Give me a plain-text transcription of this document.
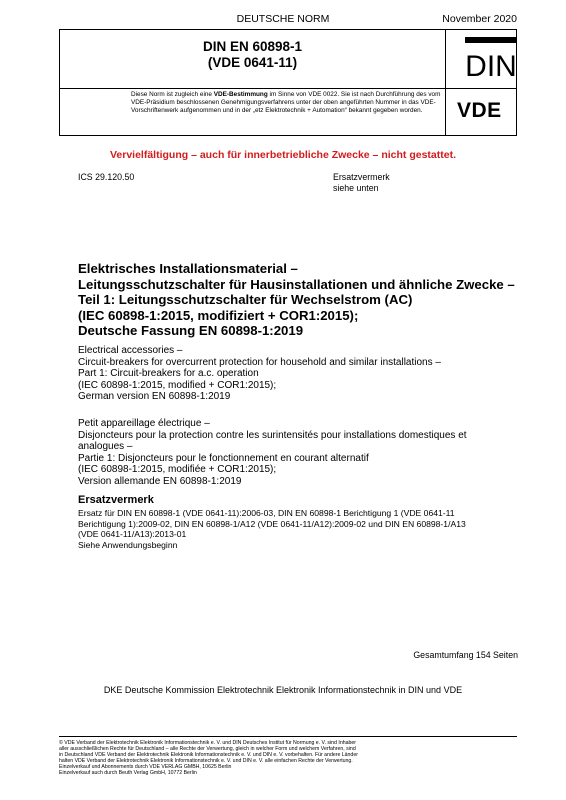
DEUTSCHE NORM	November 2020
DIN EN 60898-1
(VDE 0641-11)	DIN
Diese Norm ist zugleich eine VDE-Bestimmung im Sinne von VDE 0022. Sie ist nach Durchführung des vom VDE-Präsidium beschlossenen Genehmigungsverfahrens unter der oben angeführten Nummer in das VDE-Vorschriftenwerk aufgenommen und in der „etz Elektrotechnik + Automation“ bekannt gegeben worden.	VDE
Vervielfältigung – auch für innerbetriebliche Zwecke – nicht gestattet.
ICS 29.120.50	Ersatzvermerk
siehe unten
Elektrisches Installationsmaterial –
Leitungsschutzschalter für Hausinstallationen und ähnliche Zwecke –
Teil 1: Leitungsschutzschalter für Wechselstrom (AC)
(IEC 60898-1:2015, modifiziert + COR1:2015);
Deutsche Fassung EN 60898-1:2019
Electrical accessories –
Circuit-breakers for overcurrent protection for household and similar installations –
Part 1: Circuit-breakers for a.c. operation
(IEC 60898-1:2015, modified + COR1:2015);
German version EN 60898-1:2019
Petit appareillage électrique –
Disjoncteurs pour la protection contre les surintensités pour installations domestiques et
analogues –
Partie 1: Disjoncteurs pour le fonctionnement en courant alternatif
(IEC 60898-1:2015, modifiée + COR1:2015);
Version allemande EN 60898-1:2019
Ersatzvermerk
Ersatz für DIN EN 60898-1 (VDE 0641-11):2006-03, DIN EN 60898-1 Berichtigung 1 (VDE 0641-11
Berichtigung 1):2009-02, DIN EN 60898-1/A12 (VDE 0641-11/A12):2009-02 und DIN EN 60898-1/A13
(VDE 0641-11/A13):2013-01
Siehe Anwendungsbeginn
Gesamtumfang 154 Seiten
DKE Deutsche Kommission Elektrotechnik Elektronik Informationstechnik in DIN und VDE
© VDE Verband der Elektrotechnik Elektronik Informationstechnik e. V. und DIN Deutsches Institut für Normung e. V. sind Inhaber
aller ausschließlichen Rechte für Deutschland – alle Rechte der Verwertung, gleich in welcher Form und welchem Verfahren, sind
in Deutschland VDE Verband der Elektrotechnik Elektronik Informationstechnik e. V. und DIN e. V. vorbehalten. Für andere Länder
halten VDE Verband der Elektrotechnik Elektronik Informationstechnik e. V. und DIN e. V. alle einfachen Rechte der Verwertung.
Einzelverkauf und Abonnements durch VDE VERLAG GMBH, 10625 Berlin
Einzelverkauf auch durch Beuth Verlag GmbH, 10772 Berlin
